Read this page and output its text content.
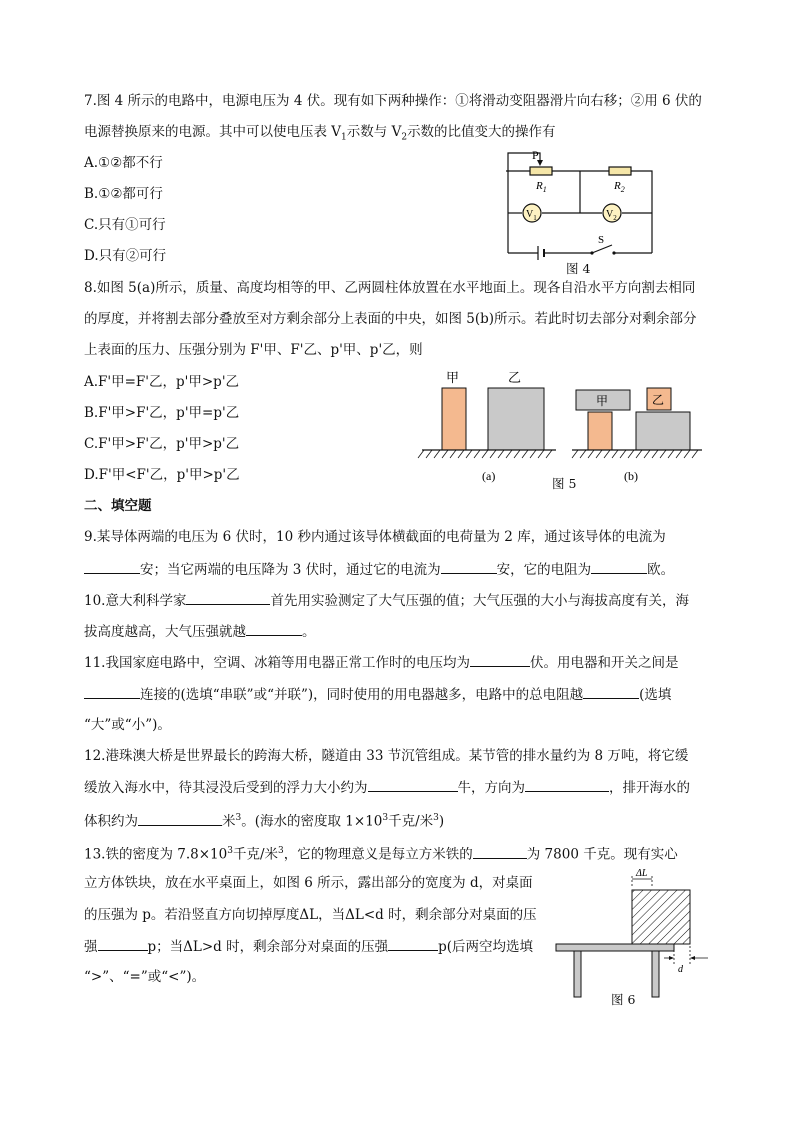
7.图 4 所示的电路中，电源电压为 4 伏。现有如下两种操作：①将滑动变阻器滑片向右移；②用 6 伏的
电源替换原来的电源。其中可以使电压表 $V_1$示数与 $V_2$示数的比值变大的操作有
A.①②都不行
B.①②都可行
C.只有①可行
D.只有②可行
P
$R_1$	$R_2$
$V_1$	$V_2$
S
图 4
8.如图 5(a)所示，质量、高度均相等的甲、乙两圆柱体放置在水平地面上。现各自沿水平方向割去相同
的厚度，并将割去部分叠放至对方剩余部分上表面的中央，如图 5(b)所示。若此时切去部分对剩余部分
上表面的压力、压强分别为 F'甲、F'乙、p'甲、p'乙，则
A.F'甲=F'乙，p'甲>p'乙
B.F'甲>F'乙，p'甲=p'乙
C.F'甲>F'乙，p'甲>p'乙
D.F'甲<F'乙，p'甲>p'乙
甲	乙
甲	乙
(a)	(b)
图 5
二、填空题
9.某导体两端的电压为 6 伏时，10 秒内通过该导体横截面的电荷量为 2 库，通过该导体的电流为
安；当它两端的电压降为 3 伏时，通过它的电流为	安，它的电阻为	欧。
10.意大利科学家	首先用实验测定了大气压强的值；大气压强的大小与海拔高度有关，海
拔高度越高，大气压强就越	。
11.我国家庭电路中，空调、冰箱等用电器正常工作时的电压均为	伏。用电器和开关之间是
连接的(选填“串联”或“并联”)，同时使用的用电器越多，电路中的总电阻越	(选填
“大”或“小”)。
12.港珠澳大桥是世界最长的跨海大桥，隧道由 33 节沉管组成。某节管的排水量约为 8 万吨，将它缓
缓放入海水中，待其浸没后受到的浮力大小约为	牛，方向为	，排开海水的
体积约为	米$^3$。(海水的密度取 $1\times 10^3$千克/米$^3$)
13.铁的密度为 $7.8\times 10^3$千克/米$^3$，它的物理意义是每立方米铁的	为 7800 千克。现有实心
立方体铁块，放在水平桌面上，如图 6 所示，露出部分的宽度为 d，对桌面
的压强为 p。若沿竖直方向切掉厚度ΔL，当ΔL<d 时，剩余部分对桌面的压
强	p；当ΔL>d 时，剩余部分对桌面的压强	p(后两空均选填
“>”、“=”或“<”)。
ΔL
d
图 6
